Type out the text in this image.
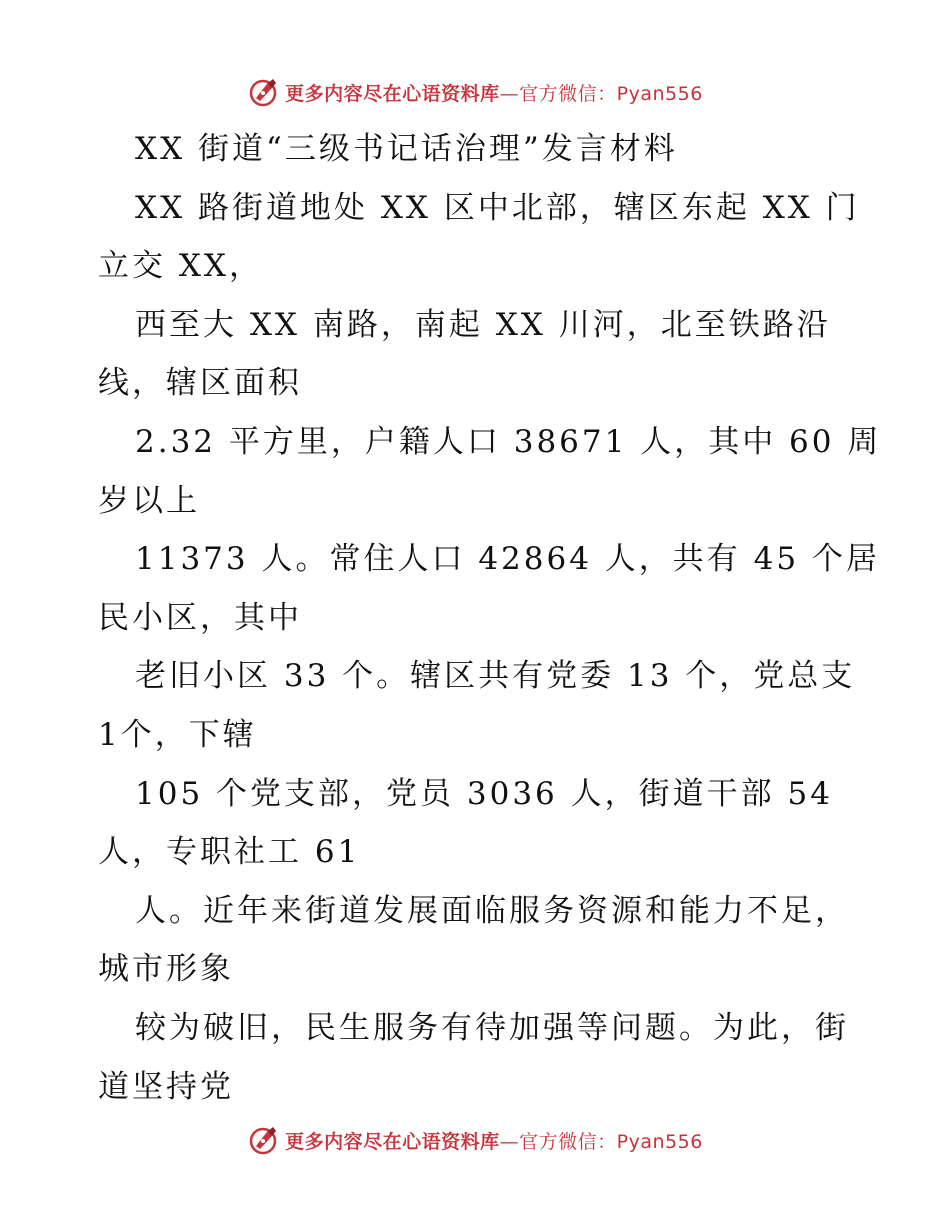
更多内容尽在心语资料库—官方微信：Pyan556
XX 街道“三级书记话治理”发言材料
XX 路街道地处 XX 区中北部，辖区东起 XX 门
立交 XX，
西至大 XX 南路，南起 XX 川河，北至铁路沿
线，辖区面积
2.32 平方里，户籍人口 38671 人，其中 60 周
岁以上
11373 人。常住人口 42864 人，共有 45 个居
民小区，其中
老旧小区 33 个。辖区共有党委 13 个，党总支
1个，下辖
105 个党支部，党员 3036 人，街道干部 54
人，专职社工 61
人。近年来街道发展面临服务资源和能力不足，
城市形象
较为破旧，民生服务有待加强等问题。为此，街
道坚持党
更多内容尽在心语资料库—官方微信：Pyan556
